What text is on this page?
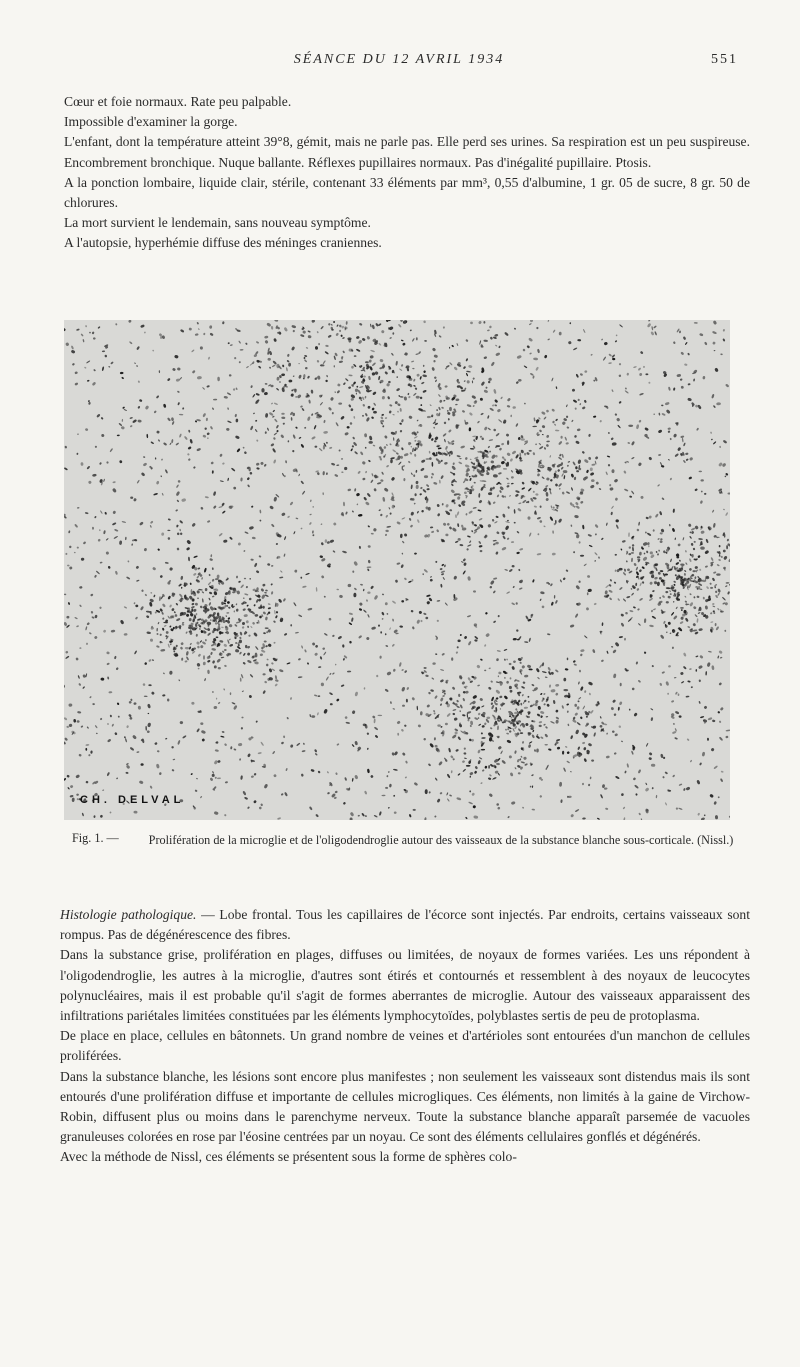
SÉANCE DU 12 AVRIL 1934	551

Cœur et foie normaux. Rate peu palpable.

Impossible d'examiner la gorge.

L'enfant, dont la température atteint 39°8, gémit, mais ne parle pas. Elle perd ses urines. Sa respiration est un peu suspireuse. Encombrement bronchique. Nuque ballante. Réflexes pupillaires normaux. Pas d'inégalité pupillaire. Ptosis.

A la ponction lombaire, liquide clair, stérile, contenant 33 éléments par mm³, 0,55 d'albumine, 1 gr. 05 de sucre, 8 gr. 50 de chlorures.

La mort survient le lendemain, sans nouveau symptôme.

A l'autopsie, hyperhémie diffuse des méninges craniennes.

CH. DELVAL
Fig. 1. —	Prolifération de la microglie et de l'oligodendroglie autour des vaisseaux de la substance blanche sous-corticale. (Nissl.)

Histologie pathologique. — Lobe frontal. Tous les capillaires de l'écorce sont injectés. Par endroits, certains vaisseaux sont rompus. Pas de dégénérescence des fibres.

Dans la substance grise, prolifération en plages, diffuses ou limitées, de noyaux de formes variées. Les uns répondent à l'oligodendroglie, les autres à la microglie, d'autres sont étirés et contournés et ressemblent à des noyaux de leucocytes polynucléaires, mais il est probable qu'il s'agit de formes aberrantes de microglie. Autour des vaisseaux apparaissent des infiltrations pariétales limitées constituées par les éléments lymphocytoïdes, polyblastes sertis de peu de protoplasma.

De place en place, cellules en bâtonnets. Un grand nombre de veines et d'artérioles sont entourées d'un manchon de cellules proliférées.

Dans la substance blanche, les lésions sont encore plus manifestes ; non seulement les vaisseaux sont distendus mais ils sont entourés d'une prolifération diffuse et importante de cellules microgliques. Ces éléments, non limités à la gaine de Virchow-Robin, diffusent plus ou moins dans le parenchyme nerveux. Toute la substance blanche apparaît parsemée de vacuoles granuleuses colorées en rose par l'éosine centrées par un noyau. Ce sont des éléments cellulaires gonflés et dégénérés.

Avec la méthode de Nissl, ces éléments se présentent sous la forme de sphères colo-
